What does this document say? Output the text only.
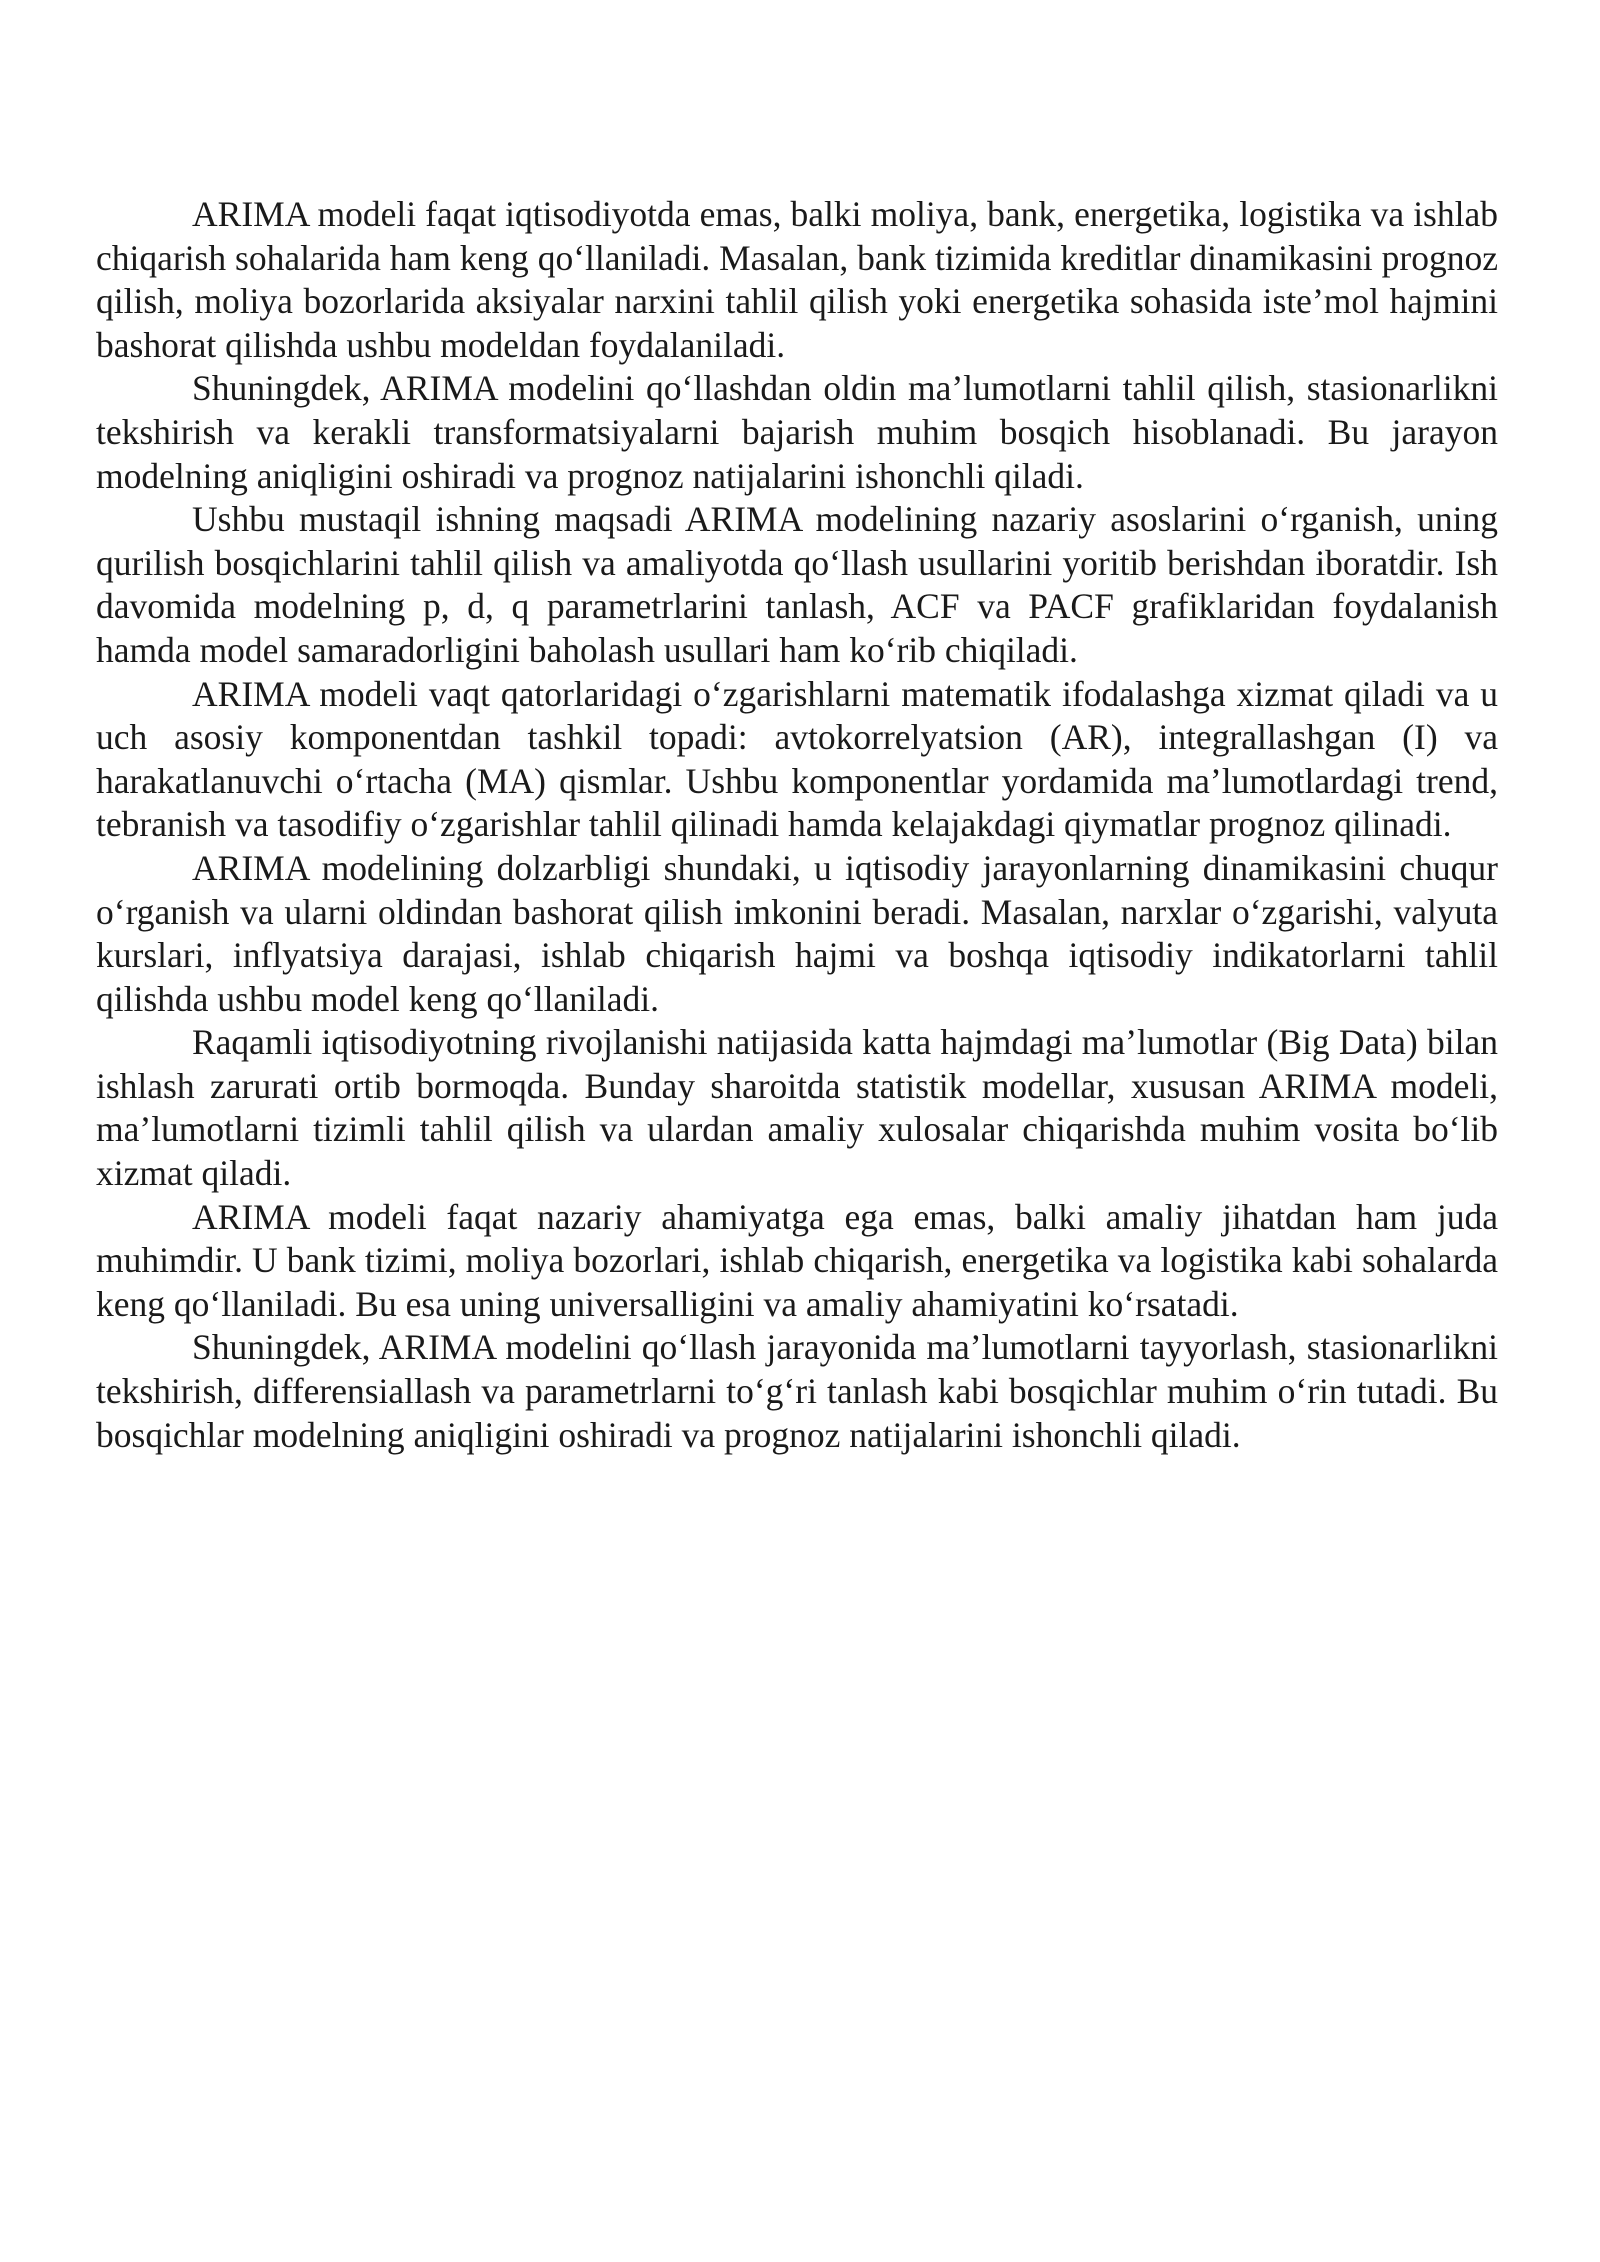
ARIMA modeli faqat iqtisodiyotda emas, balki moliya, bank, energetika, logistika va ishlab chiqarish sohalarida ham keng qo‘llaniladi. Masalan, bank tizimida kreditlar dinamikasini prognoz qilish, moliya bozorlarida aksiyalar narxini tahlil qilish yoki energetika sohasida iste’mol hajmini bashorat qilishda ushbu modeldan foydalaniladi.

Shuningdek, ARIMA modelini qo‘llashdan oldin ma’lumotlarni tahlil qilish, stasionarlikni tekshirish va kerakli transformatsiyalarni bajarish muhim bosqich hisoblanadi. Bu jarayon modelning aniqligini oshiradi va prognoz natijalarini ishonchli qiladi.

Ushbu mustaqil ishning maqsadi ARIMA modelining nazariy asoslarini o‘rganish, uning qurilish bosqichlarini tahlil qilish va amaliyotda qo‘llash usullarini yoritib berishdan iboratdir. Ish davomida modelning p, d, q parametrlarini tanlash, ACF va PACF grafiklaridan foydalanish hamda model samaradorligini baholash usullari ham ko‘rib chiqiladi.

ARIMA modeli vaqt qatorlaridagi o‘zgarishlarni matematik ifodalashga xizmat qiladi va u uch asosiy komponentdan tashkil topadi: avtokorrelyatsion (AR), integrallashgan (I) va harakatlanuvchi o‘rtacha (MA) qismlar. Ushbu komponentlar yordamida ma’lumotlardagi trend, tebranish va tasodifiy o‘zgarishlar tahlil qilinadi hamda kelajakdagi qiymatlar prognoz qilinadi.

ARIMA modelining dolzarbligi shundaki, u iqtisodiy jarayonlarning dinamikasini chuqur o‘rganish va ularni oldindan bashorat qilish imkonini beradi. Masalan, narxlar o‘zgarishi, valyuta kurslari, inflyatsiya darajasi, ishlab chiqarish hajmi va boshqa iqtisodiy indikatorlarni tahlil qilishda ushbu model keng qo‘llaniladi.

Raqamli iqtisodiyotning rivojlanishi natijasida katta hajmdagi ma’lumotlar (Big Data) bilan ishlash zarurati ortib bormoqda. Bunday sharoitda statistik modellar, xususan ARIMA modeli, ma’lumotlarni tizimli tahlil qilish va ulardan amaliy xulosalar chiqarishda muhim vosita bo‘lib xizmat qiladi.

ARIMA modeli faqat nazariy ahamiyatga ega emas, balki amaliy jihatdan ham juda muhimdir. U bank tizimi, moliya bozorlari, ishlab chiqarish, energetika va logistika kabi sohalarda keng qo‘llaniladi. Bu esa uning universalligini va amaliy ahamiyatini ko‘rsatadi.

Shuningdek, ARIMA modelini qo‘llash jarayonida ma’lumotlarni tayyorlash, stasionarlikni tekshirish, differensiallash va parametrlarni to‘g‘ri tanlash kabi bosqichlar muhim o‘rin tutadi. Bu bosqichlar modelning aniqligini oshiradi va prognoz natijalarini ishonchli qiladi.
